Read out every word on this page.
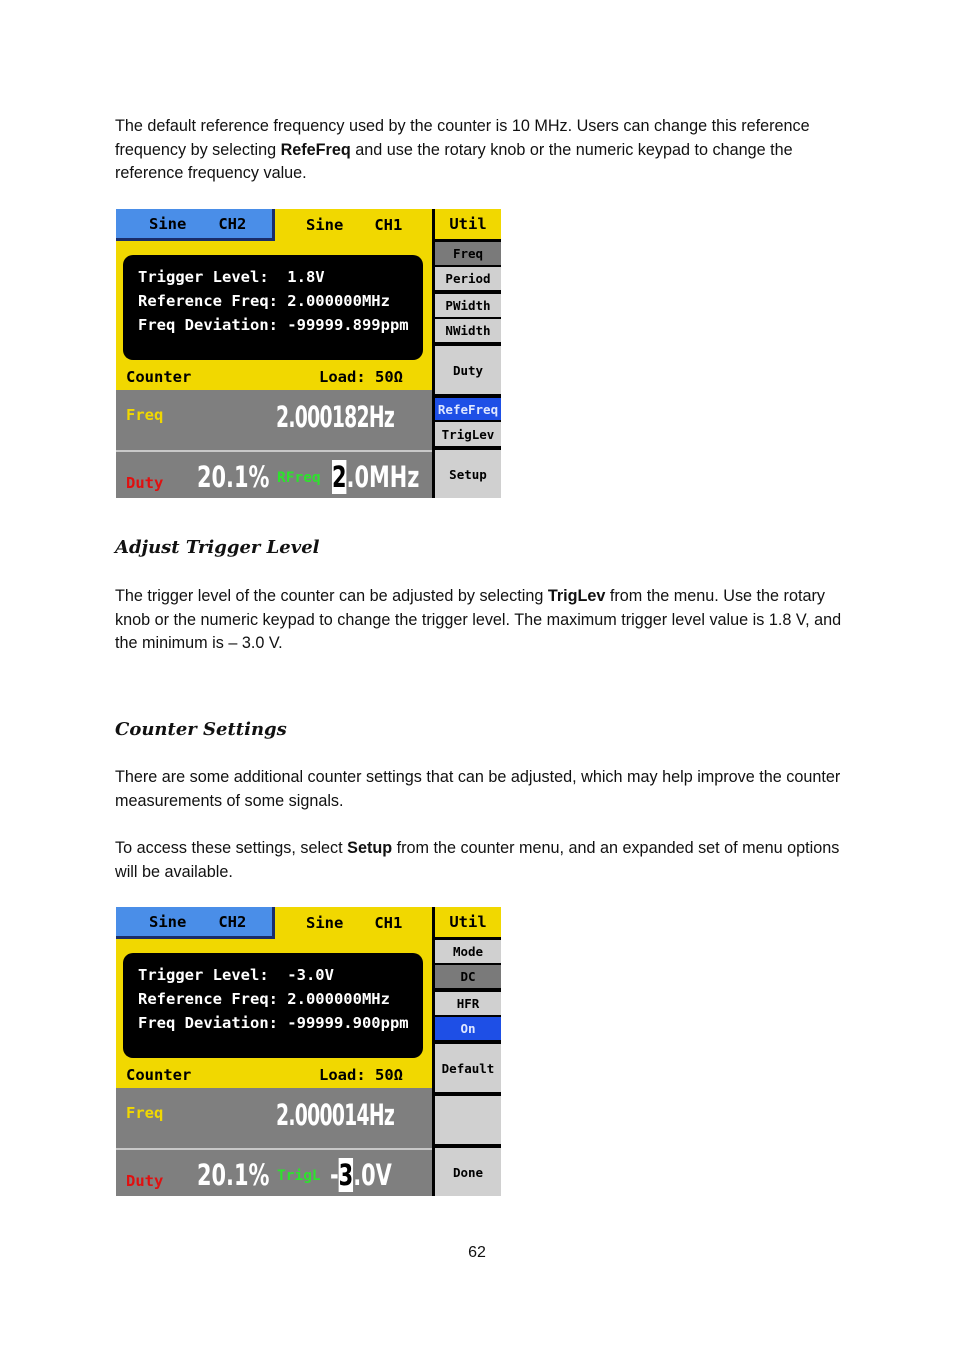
The default reference frequency used by the counter is 10 MHz. Users can change this reference frequency by selecting RefeFreq and use the rotary knob or the numeric keypad to change the reference frequency value.

Sine CH2	Sine CH1
Trigger Level:  1.8V
Reference Freq: 2.000000MHz
Freq Deviation: -99999.899ppm
Counter	Load: 50Ω
Freq	2.000182Hz
Duty 20.1% RFreq 2.0MHz
Util
Freq
Period
PWidth
NWidth
Duty
RefeFreq
TrigLev
Setup
Adjust Trigger Level

The trigger level of the counter can be adjusted by selecting TrigLev from the menu. Use the rotary knob or the numeric keypad to change the trigger level. The maximum trigger level value is 1.8 V, and the minimum is – 3.0 V.

Counter Settings

There are some additional counter settings that can be adjusted, which may help improve the counter measurements of some signals.

To access these settings, select Setup from the counter menu, and an expanded set of menu options will be available.

Sine CH2	Sine CH1
Trigger Level:  -3.0V
Reference Freq: 2.000000MHz
Freq Deviation: -99999.900ppm
Counter	Load: 50Ω
Freq	2.000014Hz
Duty 20.1% TrigL -3.0V
Util
Mode
DC
HFR
On
Default
Done
62
